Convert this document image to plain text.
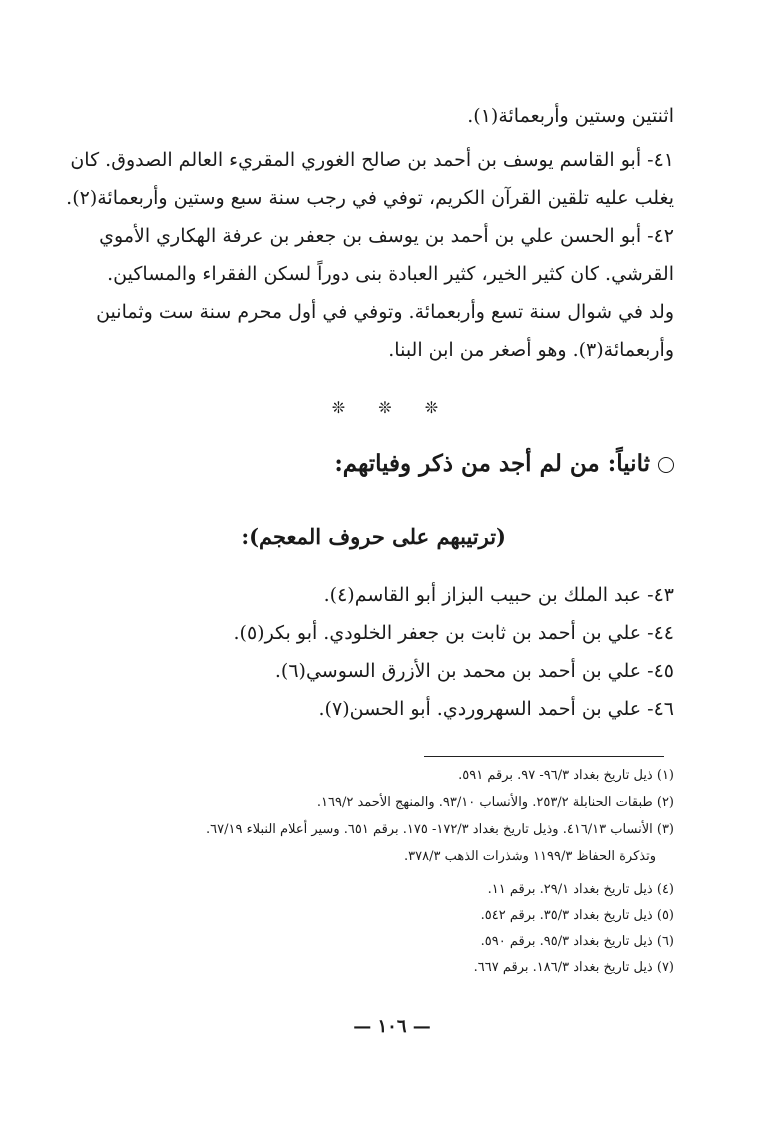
اثنتين وستين وأربعمائة(١).
٤١- أبو القاسم يوسف بن أحمد بن صالح الغوري المقريء العالم الصدوق. كان
يغلب عليه تلقين القرآن الكريم، توفي في رجب سنة سبع وستين وأربعمائة(٢).
٤٢- أبو الحسن علي بن أحمد بن يوسف بن جعفر بن عرفة الهكاري الأموي
القرشي. كان كثير الخير، كثير العبادة بنى دوراً لسكن الفقراء والمساكين.
ولد في شوال سنة تسع وأربعمائة. وتوفي في أول محرم سنة ست وثمانين
وأربعمائة(٣). وهو أصغر من ابن البنا.
❊ ❊ ❊
ثانياً: من لم أجد من ذكر وفياتهم:
(ترتيبهم على حروف المعجم):
٤٣- عبد الملك بن حبيب البزاز أبو القاسم(٤).
٤٤- علي بن أحمد بن ثابت بن جعفر الخلودي. أبو بكر(٥).
٤٥- علي بن أحمد بن محمد بن الأزرق السوسي(٦).
٤٦- علي بن أحمد السهروردي. أبو الحسن(٧).
(١) ذيل تاريخ بغداد ٩٦/٣- ٩٧. برقم ٥٩١.
(٢) طبقات الحنابلة ٢٥٣/٢. والأنساب ٩٣/١٠. والمنهج الأحمد ١٦٩/٢.
(٣) الأنساب ٤١٦/١٣. وذيل تاريخ بغداد ١٧٢/٣- ١٧٥. برقم ٦٥١. وسير أعلام النبلاء ٦٧/١٩.
وتذكرة الحفاظ ١١٩٩/٣ وشذرات الذهب ٣٧٨/٣.
(٤) ذيل تاريخ بغداد ٢٩/١. برقم ١١.
(٥) ذيل تاريخ بغداد ٣٥/٣. برقم ٥٤٢.
(٦) ذيل تاريخ بغداد ٩٥/٣. برقم ٥٩٠.
(٧) ذيل تاريخ بغداد ١٨٦/٣. برقم ٦٦٧.
— ١٠٦ —
